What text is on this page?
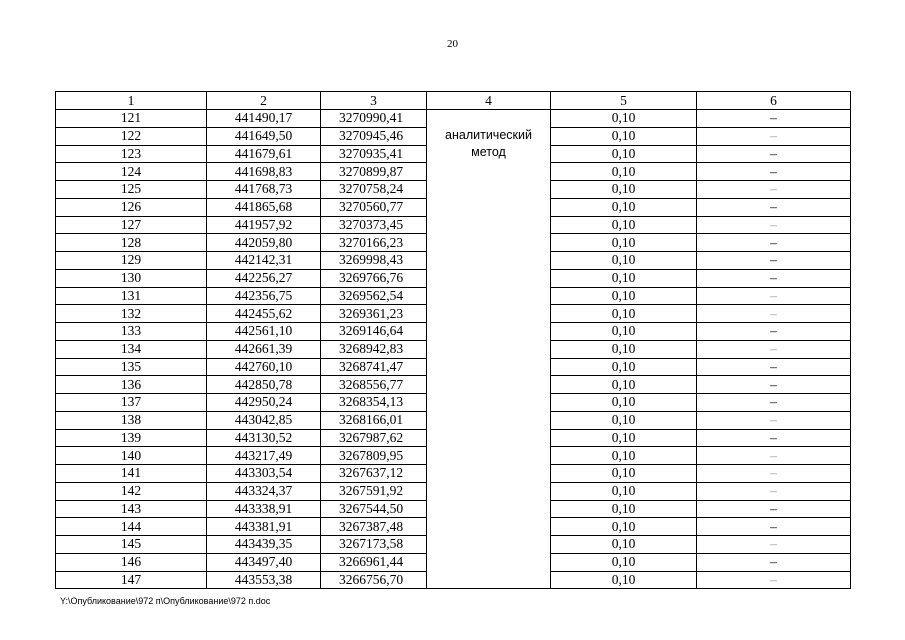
20
1	2	3	4	5	6
121	441490,17	3270990,41	аналитический метод	0,10	–
122	441649,50	3270945,46		0,10	–
123	441679,61	3270935,41		0,10	–
124	441698,83	3270899,87		0,10	–
125	441768,73	3270758,24		0,10	–
126	441865,68	3270560,77		0,10	–
127	441957,92	3270373,45		0,10	–
128	442059,80	3270166,23		0,10	–
129	442142,31	3269998,43		0,10	–
130	442256,27	3269766,76		0,10	–
131	442356,75	3269562,54		0,10	–
132	442455,62	3269361,23		0,10	–
133	442561,10	3269146,64		0,10	–
134	442661,39	3268942,83		0,10	–
135	442760,10	3268741,47		0,10	–
136	442850,78	3268556,77		0,10	–
137	442950,24	3268354,13		0,10	–
138	443042,85	3268166,01		0,10	–
139	443130,52	3267987,62		0,10	–
140	443217,49	3267809,95		0,10	–
141	443303,54	3267637,12		0,10	–
142	443324,37	3267591,92		0,10	–
143	443338,91	3267544,50		0,10	–
144	443381,91	3267387,48		0,10	–
145	443439,35	3267173,58		0,10	–
146	443497,40	3266961,44		0,10	–
147	443553,38	3266756,70		0,10	–
Y:\Опубликование\972 п\Опубликование\972 п.doc
